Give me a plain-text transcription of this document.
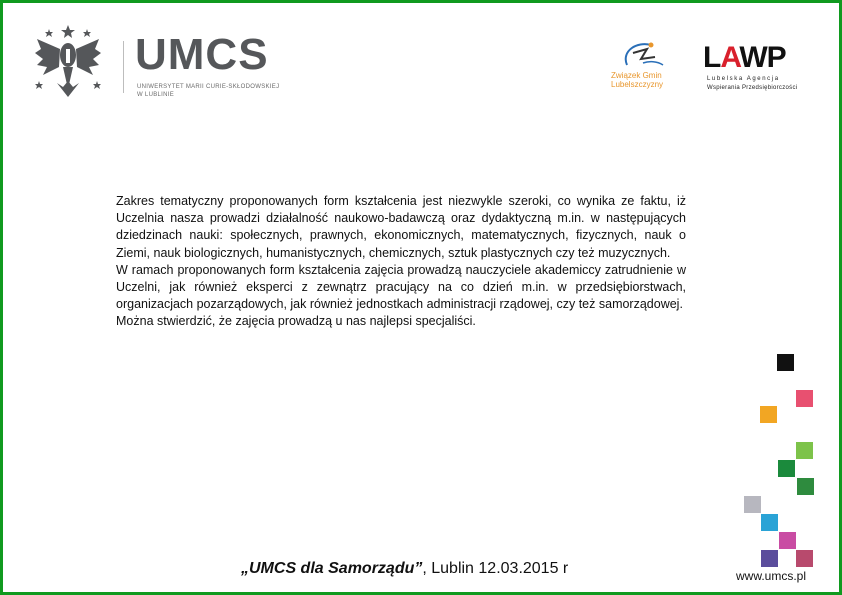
UMCS
UNIWERSYTET MARII CURIE-SKŁODOWSKIEJ
W LUBLINIE
Związek Gmin
Lubelszczyzny
LAWP
Lubelska Agencja
Wspierania Przedsiębiorczości

Zakres tematyczny proponowanych form kształcenia jest niezwykle szeroki, co wynika ze faktu, iż Uczelnia nasza prowadzi działalność naukowo-badawczą oraz dydaktyczną m.in. w następujących dziedzinach nauki: społecznych, prawnych, ekonomicznych, matematycznych, fizycznych, nauk o Ziemi, nauk biologicznych, humanistycznych, chemicznych, sztuk plastycznych czy też muzycznych.

W ramach proponowanych form kształcenia zajęcia prowadzą nauczyciele akademiccy zatrudnienie w Uczelni, jak również eksperci z zewnątrz pracujący na co dzień m.in. w przedsiębiorstwach, organizacjach pozarządowych, jak również jednostkach administracji rządowej, czy też samorządowej.

Można stwierdzić, że zajęcia prowadzą u nas najlepsi specjaliści.

„UMCS dla Samorządu”, Lublin 12.03.2015 r	www.umcs.pl
